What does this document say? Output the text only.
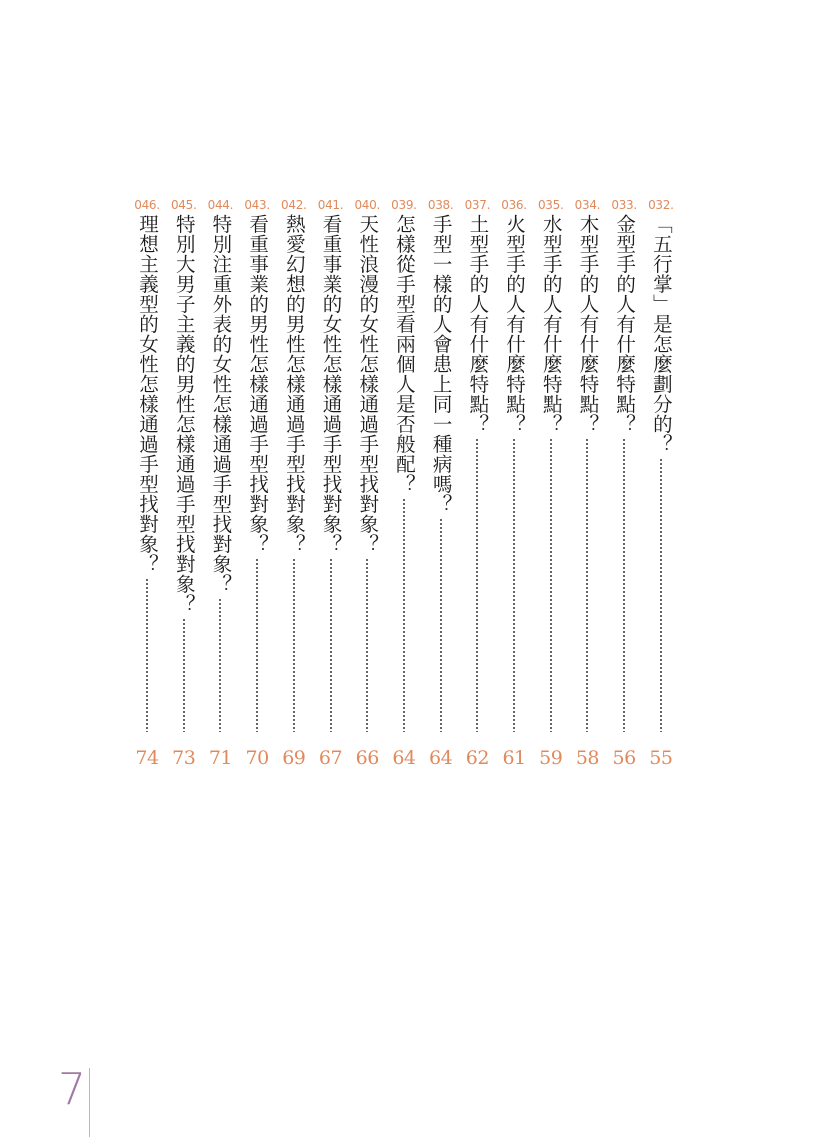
032.
「五行掌」是怎麼劃分的？
55
033.
金型手的人有什麼特點？
56
034.
木型手的人有什麼特點？
58
035.
水型手的人有什麼特點？
59
036.
火型手的人有什麼特點？
61
037.
土型手的人有什麼特點？
62
038.
手型一樣的人會患上同一種病嗎？
64
039.
怎樣從手型看兩個人是否般配？
64
040.
天性浪漫的女性怎樣通過手型找對象？
66
041.
看重事業的女性怎樣通過手型找對象？
67
042.
熱愛幻想的男性怎樣通過手型找對象？
69
043.
看重事業的男性怎樣通過手型找對象？
70
044.
特別注重外表的女性怎樣通過手型找對象？
71
045.
特別大男子主義的男性怎樣通過手型找對象？
73
046.
理想主義型的女性怎樣通過手型找對象？
74
7
